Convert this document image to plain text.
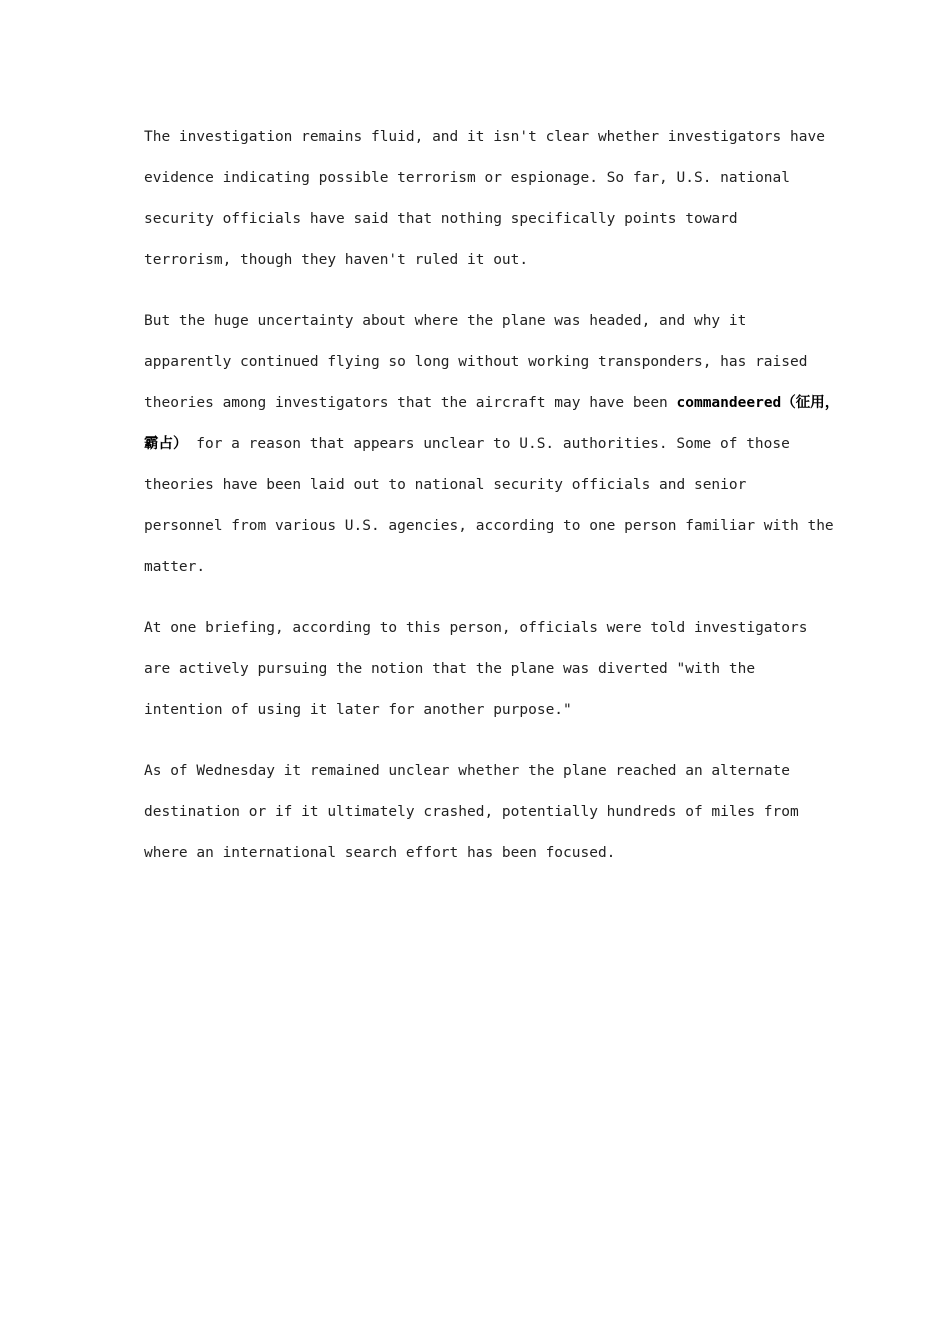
The investigation remains fluid, and it isn't clear whether investigators have
evidence indicating possible terrorism or espionage. So far, U.S. national
security officials have said that nothing specifically points toward
terrorism, though they haven't ruled it out.
But the huge uncertainty about where the plane was headed, and why it
apparently continued flying so long without working transponders, has raised
theories among investigators that the aircraft may have been commandeered（征用，
霸占） for a reason that appears unclear to U.S. authorities. Some of those
theories have been laid out to national security officials and senior
personnel from various U.S. agencies, according to one person familiar with the
matter.
At one briefing, according to this person, officials were told investigators
are actively pursuing the notion that the plane was diverted "with the
intention of using it later for another purpose."
As of Wednesday it remained unclear whether the plane reached an alternate
destination or if it ultimately crashed, potentially hundreds of miles from
where an international search effort has been focused.
